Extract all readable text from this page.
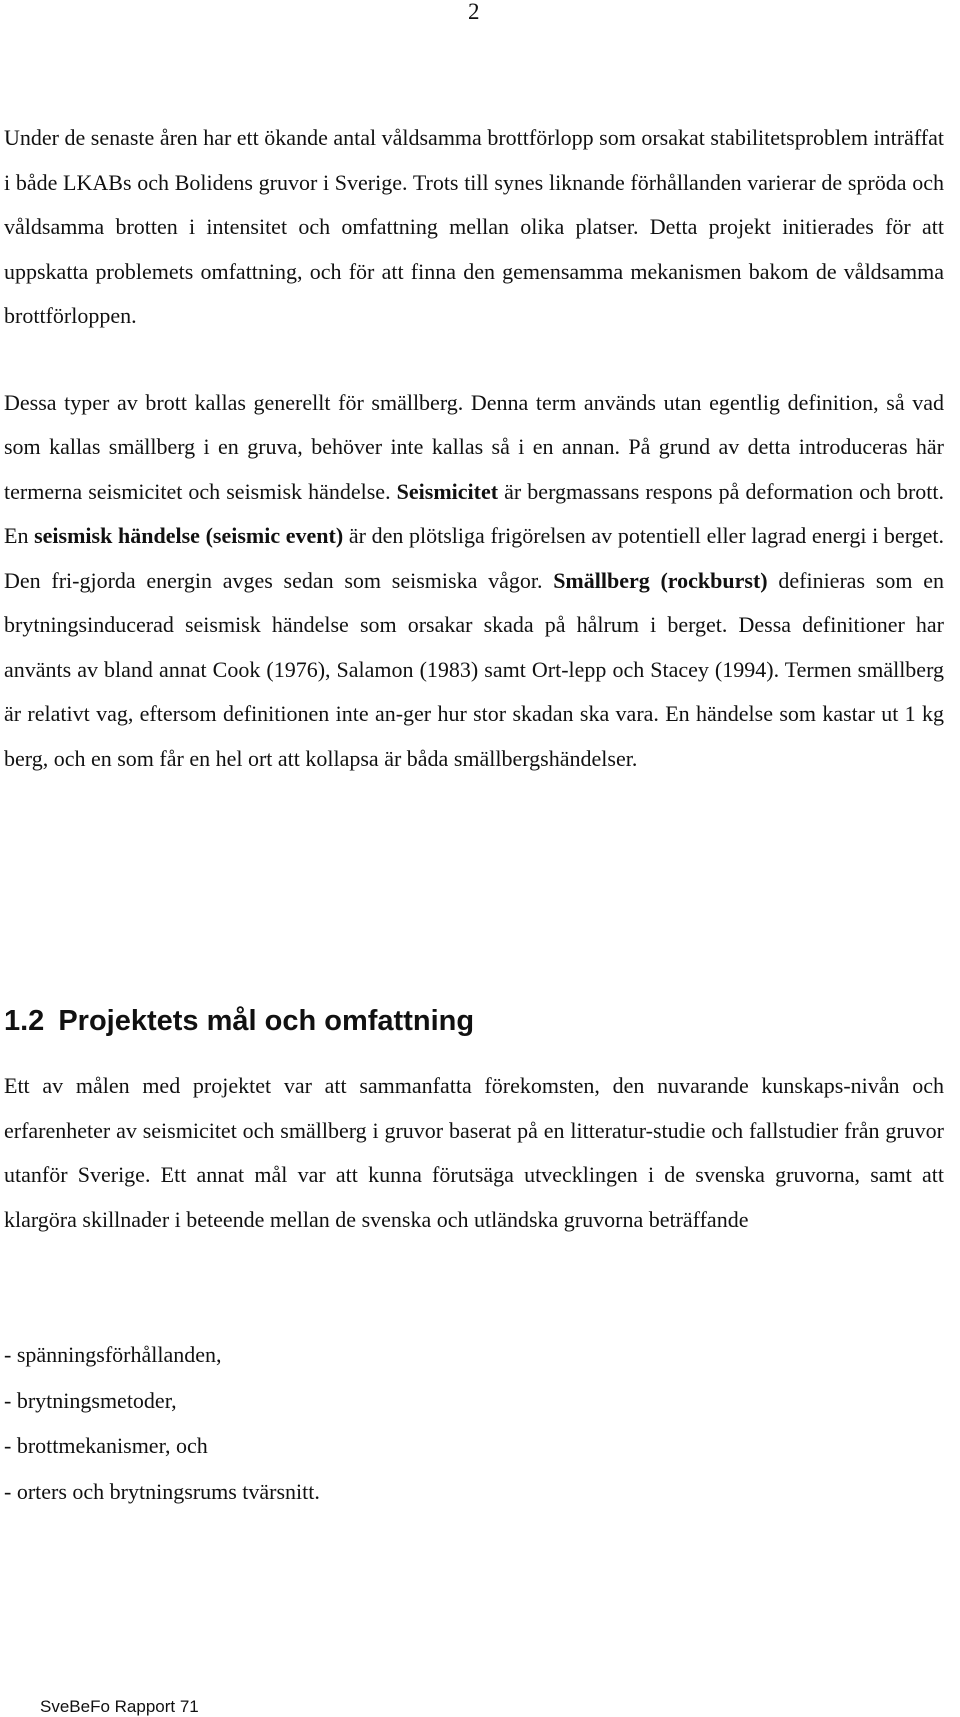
2

Under de senaste åren har ett ökande antal våldsamma brottförlopp som orsakat stabilitetsproblem inträffat i både LKABs och Bolidens gruvor i Sverige. Trots till synes liknande förhållanden varierar de spröda och våldsamma brotten i intensitet och omfattning mellan olika platser. Detta projekt initierades för att uppskatta problemets omfattning, och för att finna den gemensamma mekanismen bakom de våldsamma brottförloppen.

Dessa typer av brott kallas generellt för smällberg. Denna term används utan egentlig definition, så vad som kallas smällberg i en gruva, behöver inte kallas så i en annan. På grund av detta introduceras här termerna seismicitet och seismisk händelse. Seismicitet är bergmassans respons på deformation och brott. En seismisk händelse (seismic event) är den plötsliga frigörelsen av potentiell eller lagrad energi i berget. Den fri-gjorda energin avges sedan som seismiska vågor. Smällberg (rockburst) definieras som en brytningsinducerad seismisk händelse som orsakar skada på hålrum i berget. Dessa definitioner har använts av bland annat Cook (1976), Salamon (1983) samt Ort-lepp och Stacey (1994). Termen smällberg är relativt vag, eftersom definitionen inte an-ger hur stor skadan ska vara. En händelse som kastar ut 1 kg berg, och en som får en hel ort att kollapsa är båda smällbergshändelser.

1.2 Projektets mål och omfattning

Ett av målen med projektet var att sammanfatta förekomsten, den nuvarande kunskaps-nivån och erfarenheter av seismicitet och smällberg i gruvor baserat på en litteratur-studie och fallstudier från gruvor utanför Sverige. Ett annat mål var att kunna förutsäga utvecklingen i de svenska gruvorna, samt att klargöra skillnader i beteende mellan de svenska och utländska gruvorna beträffande

- spänningsförhållanden,
- brytningsmetoder,
- brottmekanismer, och
- orters och brytningsrums tvärsnitt.
SveBeFo Rapport 71
